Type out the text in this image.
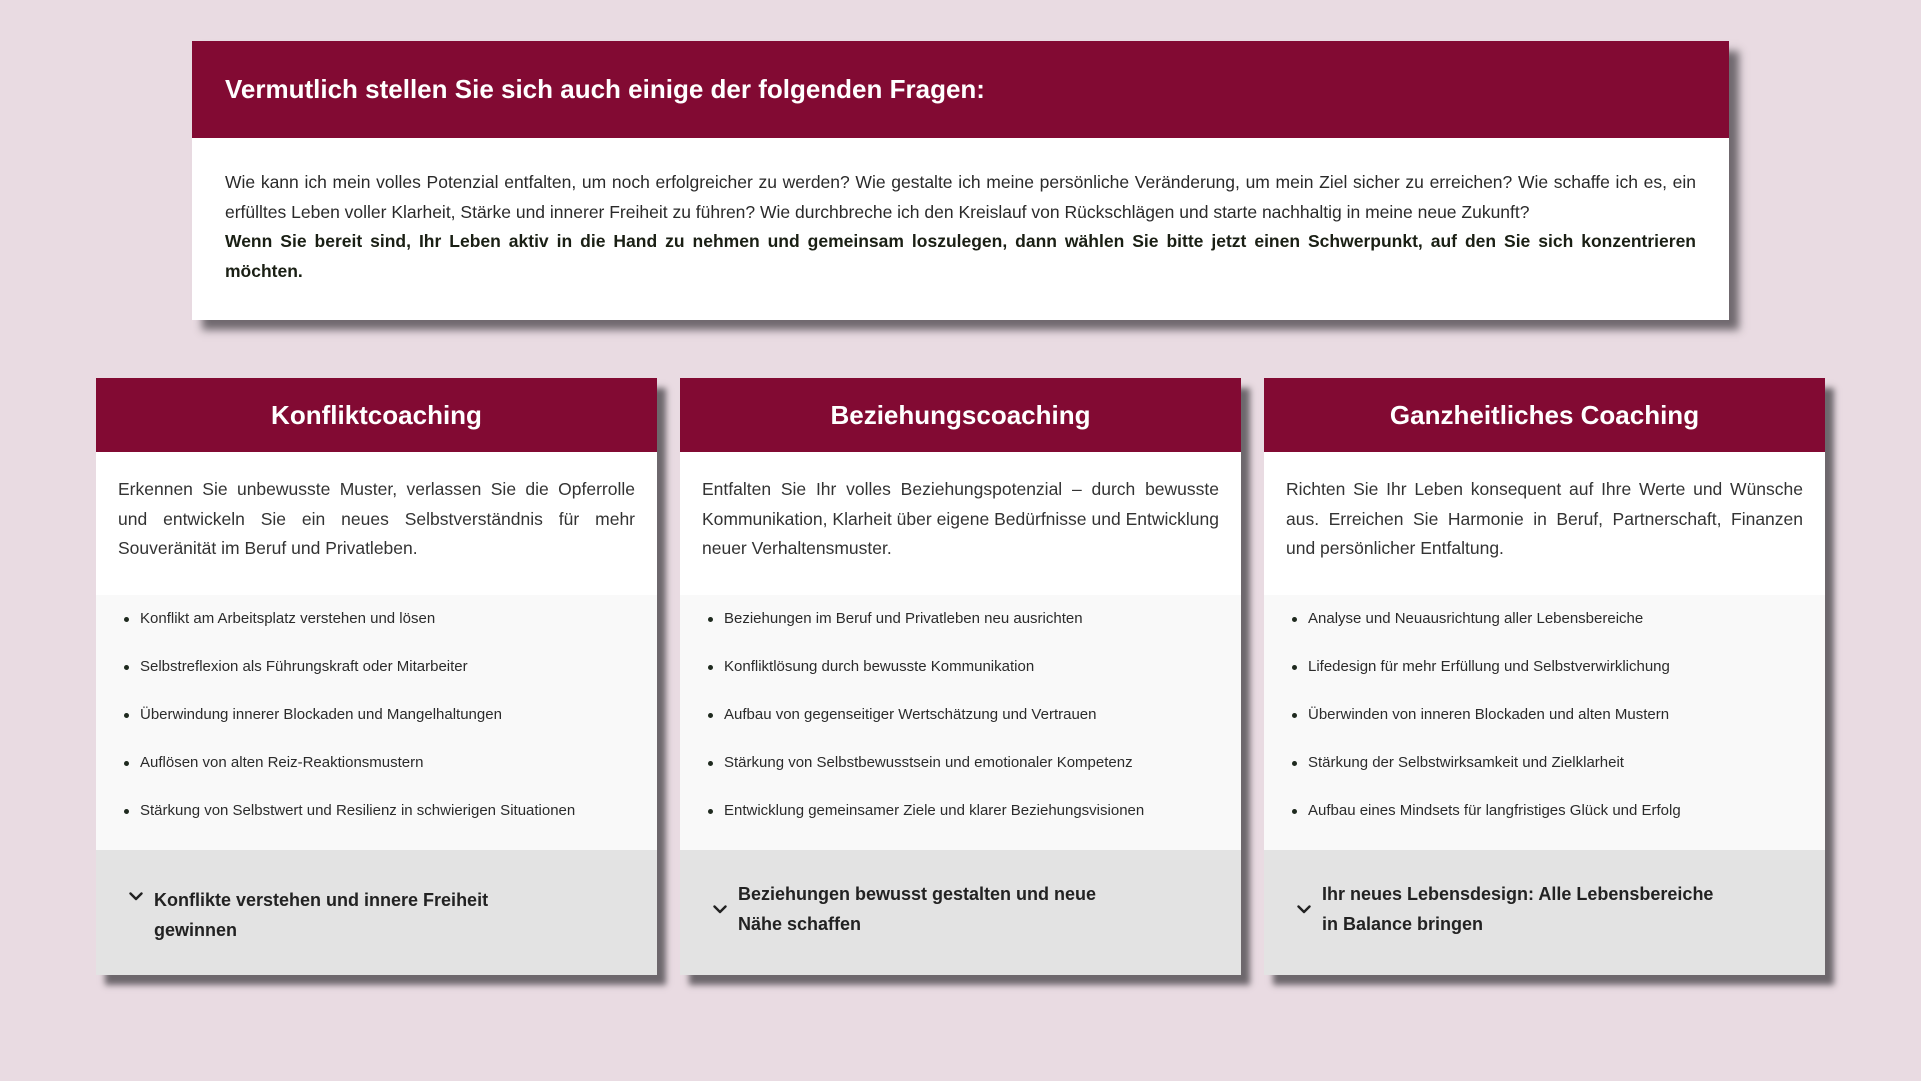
Vermutlich stellen Sie sich auch einige der folgenden Fragen:
Wie kann ich mein volles Potenzial entfalten, um noch erfolgreicher zu werden? Wie gestalte ich meine persönliche Veränderung, um mein Ziel sicher zu erreichen? Wie schaffe ich es, ein erfülltes Leben voller Klarheit, Stärke und innerer Freiheit zu führen? Wie durchbreche ich den Kreislauf von Rückschlägen und starte nachhaltig in meine neue Zukunft?
Wenn Sie bereit sind, Ihr Leben aktiv in die Hand zu nehmen und gemeinsam loszulegen, dann wählen Sie bitte jetzt einen Schwerpunkt, auf den Sie sich konzentrieren möchten.
Konfliktcoaching
Erkennen Sie unbewusste Muster, verlassen Sie die Opferrolle und entwickeln Sie ein neues Selbstverständnis für mehr Souveränität im Beruf und Privatleben.
Konflikt am Arbeitsplatz verstehen und lösen
Selbstreflexion als Führungskraft oder Mitarbeiter
Überwindung innerer Blockaden und Mangelhaltungen
Auflösen von alten Reiz-Reaktionsmustern
Stärkung von Selbstwert und Resilienz in schwierigen Situationen
Konflikte verstehen und innere Freiheit gewinnen
Beziehungscoaching
Entfalten Sie Ihr volles Beziehungspotenzial – durch bewusste Kommunikation, Klarheit über eigene Bedürfnisse und Entwicklung neuer Verhaltensmuster.
Beziehungen im Beruf und Privatleben neu ausrichten
Konfliktlösung durch bewusste Kommunikation
Aufbau von gegenseitiger Wertschätzung und Vertrauen
Stärkung von Selbstbewusstsein und emotionaler Kompetenz
Entwicklung gemeinsamer Ziele und klarer Beziehungsvisionen
Beziehungen bewusst gestalten und neue Nähe schaffen
Ganzheitliches Coaching
Richten Sie Ihr Leben konsequent auf Ihre Werte und Wünsche aus. Erreichen Sie Harmonie in Beruf, Partnerschaft, Finanzen und persönlicher Entfaltung.
Analyse und Neuausrichtung aller Lebensbereiche
Lifedesign für mehr Erfüllung und Selbstverwirklichung
Überwinden von inneren Blockaden und alten Mustern
Stärkung der Selbstwirksamkeit und Zielklarheit
Aufbau eines Mindsets für langfristiges Glück und Erfolg
Ihr neues Lebensdesign: Alle Lebensbereiche in Balance bringen
